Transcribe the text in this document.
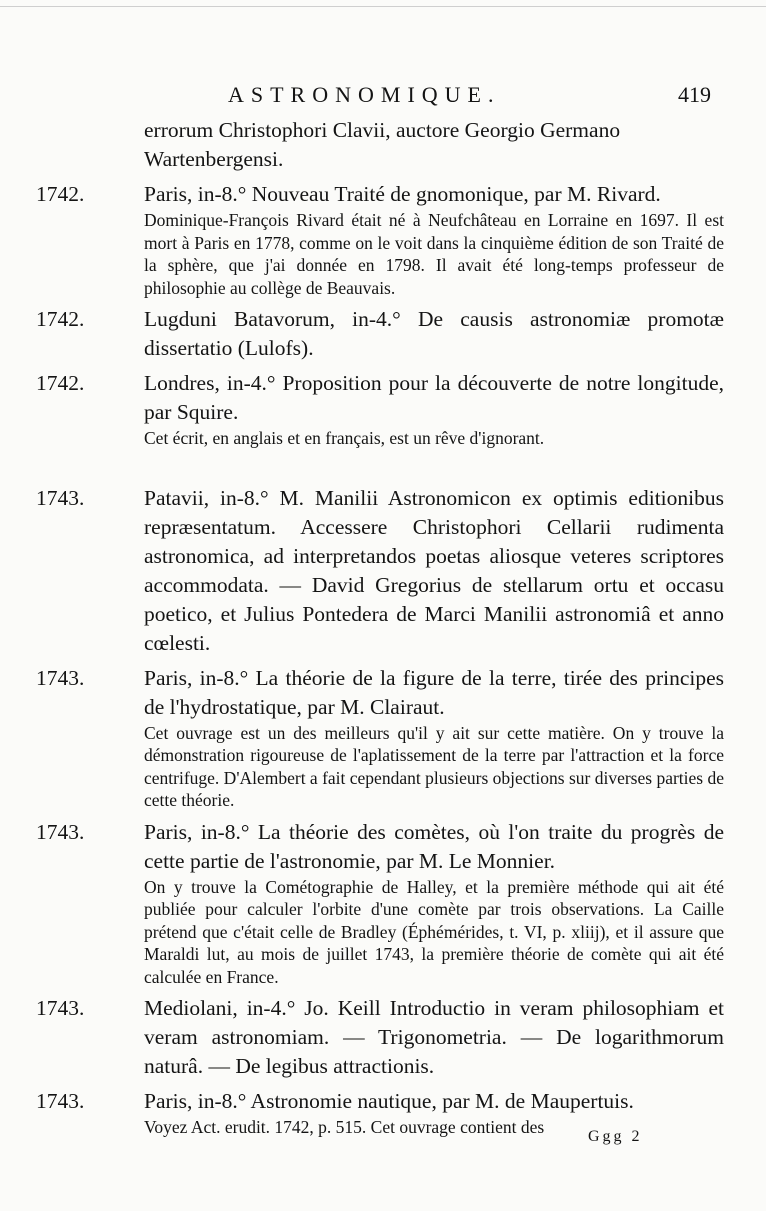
ASTRONOMIQUE.	419
errorum Christophori Clavii, auctore Georgio Germano
Wartenbergensi.
1742.	Paris, in-8.° Nouveau Traité de gnomonique, par M. Rivard.
Dominique-François Rivard était né à Neufchâteau en Lorraine en 1697. Il est mort à Paris en 1778, comme on le voit dans la cinquième édition de son Traité de la sphère, que j'ai donnée en 1798. Il avait été long-temps professeur de philosophie au collège de Beauvais.
1742.	Lugduni Batavorum, in-4.° De causis astronomiæ promotæ dissertatio (Lulofs).
1742.	Londres, in-4.° Proposition pour la découverte de notre longitude, par Squire.
Cet écrit, en anglais et en français, est un rêve d'ignorant.
1743.	Patavii, in-8.° M. Manilii Astronomicon ex optimis editionibus repræsentatum. Accessere Christophori Cellarii rudimenta astronomica, ad interpretandos poetas aliosque veteres scriptores accommodata. — David Gregorius de stellarum ortu et occasu poetico, et Julius Pontedera de Marci Manilii astronomiâ et anno cœlesti.
1743.	Paris, in-8.° La théorie de la figure de la terre, tirée des principes de l'hydrostatique, par M. Clairaut.
Cet ouvrage est un des meilleurs qu'il y ait sur cette matière. On y trouve la démonstration rigoureuse de l'aplatissement de la terre par l'attraction et la force centrifuge. D'Alembert a fait cependant plusieurs objections sur diverses parties de cette théorie.
1743.	Paris, in-8.° La théorie des comètes, où l'on traite du progrès de cette partie de l'astronomie, par M. Le Monnier.
On y trouve la Cométographie de Halley, et la première méthode qui ait été publiée pour calculer l'orbite d'une comète par trois observations. La Caille prétend que c'était celle de Bradley (Éphémérides, t. VI, p. xliij), et il assure que Maraldi lut, au mois de juillet 1743, la première théorie de comète qui ait été calculée en France.
1743.	Mediolani, in-4.° Jo. Keill Introductio in veram philosophiam et veram astronomiam. — Trigonometria. — De logarithmorum naturâ. — De legibus attractionis.
1743.	Paris, in-8.° Astronomie nautique, par M. de Maupertuis.
Voyez Act. erudit. 1742, p. 515. Cet ouvrage contient des	Ggg 2
